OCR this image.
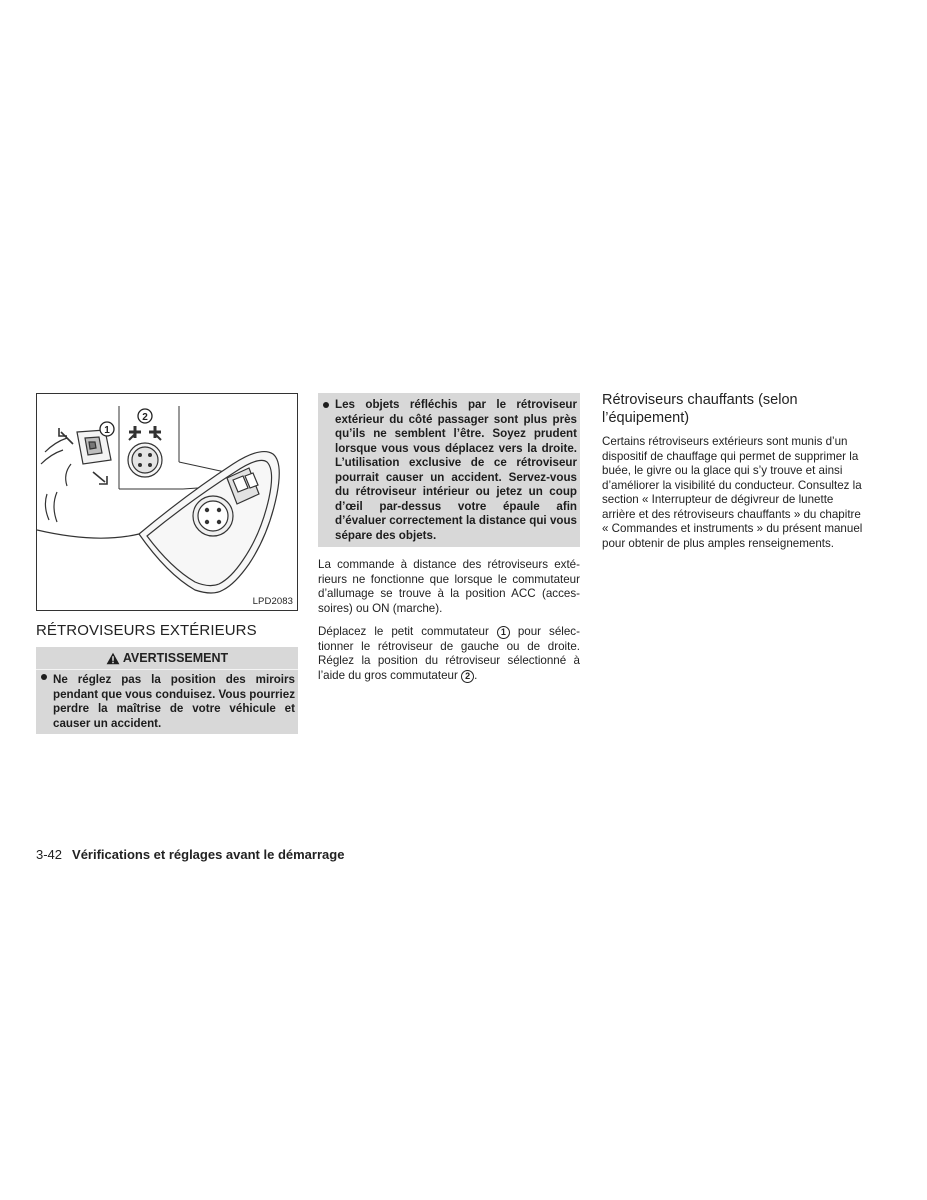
1
2
LPD2083
RÉTROVISEURS EXTÉRIEURS
AVERTISSEMENT
Ne réglez pas la position des miroirs pendant que vous conduisez. Vous pourriez perdre la maîtrise de votre véhicule et causer un accident.
Les objets réfléchis par le rétroviseur extérieur du côté passager sont plus près qu’ils ne semblent l’être. Soyez prudent lorsque vous vous déplacez vers la droite. L’utilisation exclusive de ce rétroviseur pourrait causer un accident. Servez-vous du rétroviseur intérieur ou jetez un coup d’œil par-dessus votre épaule afin d’évaluer correctement la distance qui vous sépare des objets.

La commande à distance des rétroviseurs extérieurs ne fonctionne que lorsque le commutateur d’allumage se trouve à la position ACC (accessoires) ou ON (marche).

Déplacez le petit commutateur 1 pour sélectionner le rétroviseur de gauche ou de droite. Réglez la position du rétroviseur sélectionné à l’aide du gros commutateur 2 .

Rétroviseurs chauffants (selon l’équipement)

Certains rétroviseurs extérieurs sont munis d’un dispositif de chauffage qui permet de supprimer la buée, le givre ou la glace qui s’y trouve et ainsi d’améliorer la visibilité du conducteur. Consultez la section « Interrupteur de dégivreur de lunette arrière et des rétroviseurs chauffants » du chapitre « Commandes et instruments » du présent manuel pour obtenir de plus amples renseignements.

3-42 Vérifications et réglages avant le démarrage
